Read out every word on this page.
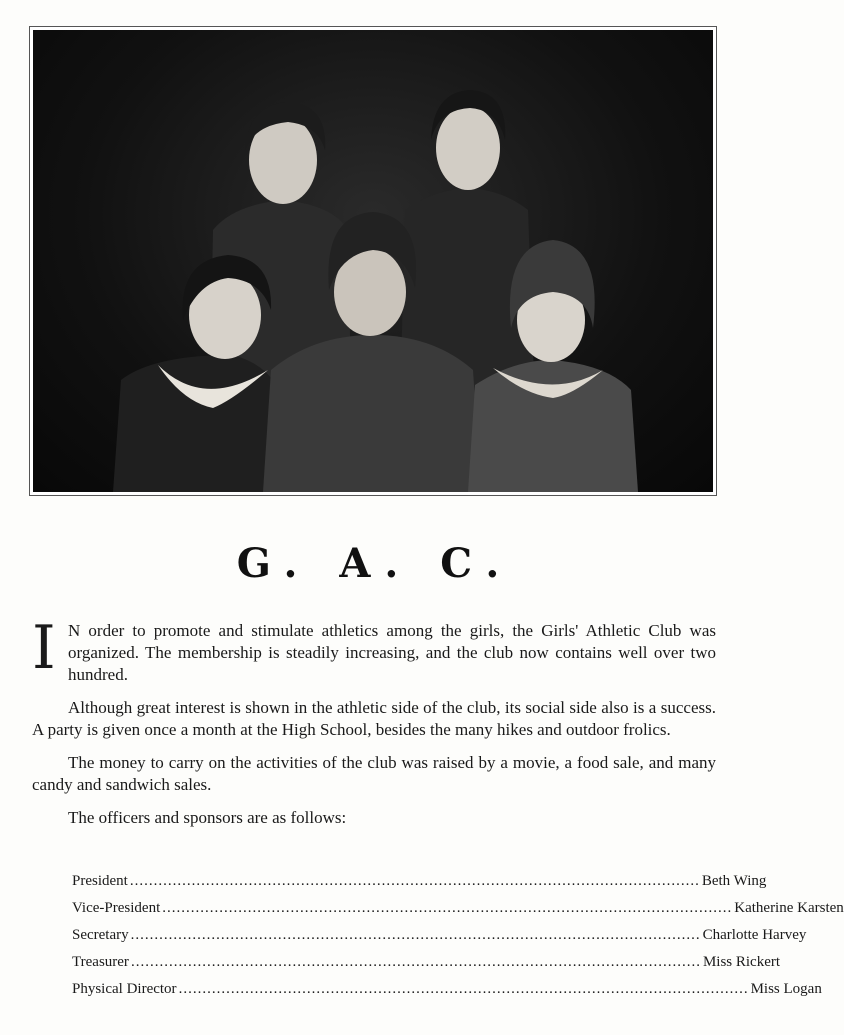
G. A. C.

I N order to promote and stimulate athletics among the girls, the Girls' Athletic Club was organized. The membership is steadily increasing, and the club now contains well over two hundred.

Although great interest is shown in the athletic side of the club, its social side also is a success. A party is given once a month at the High School, besides the many hikes and outdoor frolics.

The money to carry on the activities of the club was raised by a movie, a food sale, and many candy and sandwich sales.

The officers and sponsors are as follows:

President ........................................................................................................................ Beth Wing
Vice-President ........................................................................................................................ Katherine Karsten
Secretary ........................................................................................................................ Charlotte Harvey
Treasurer ........................................................................................................................ Miss Rickert
Physical Director ........................................................................................................................ Miss Logan
